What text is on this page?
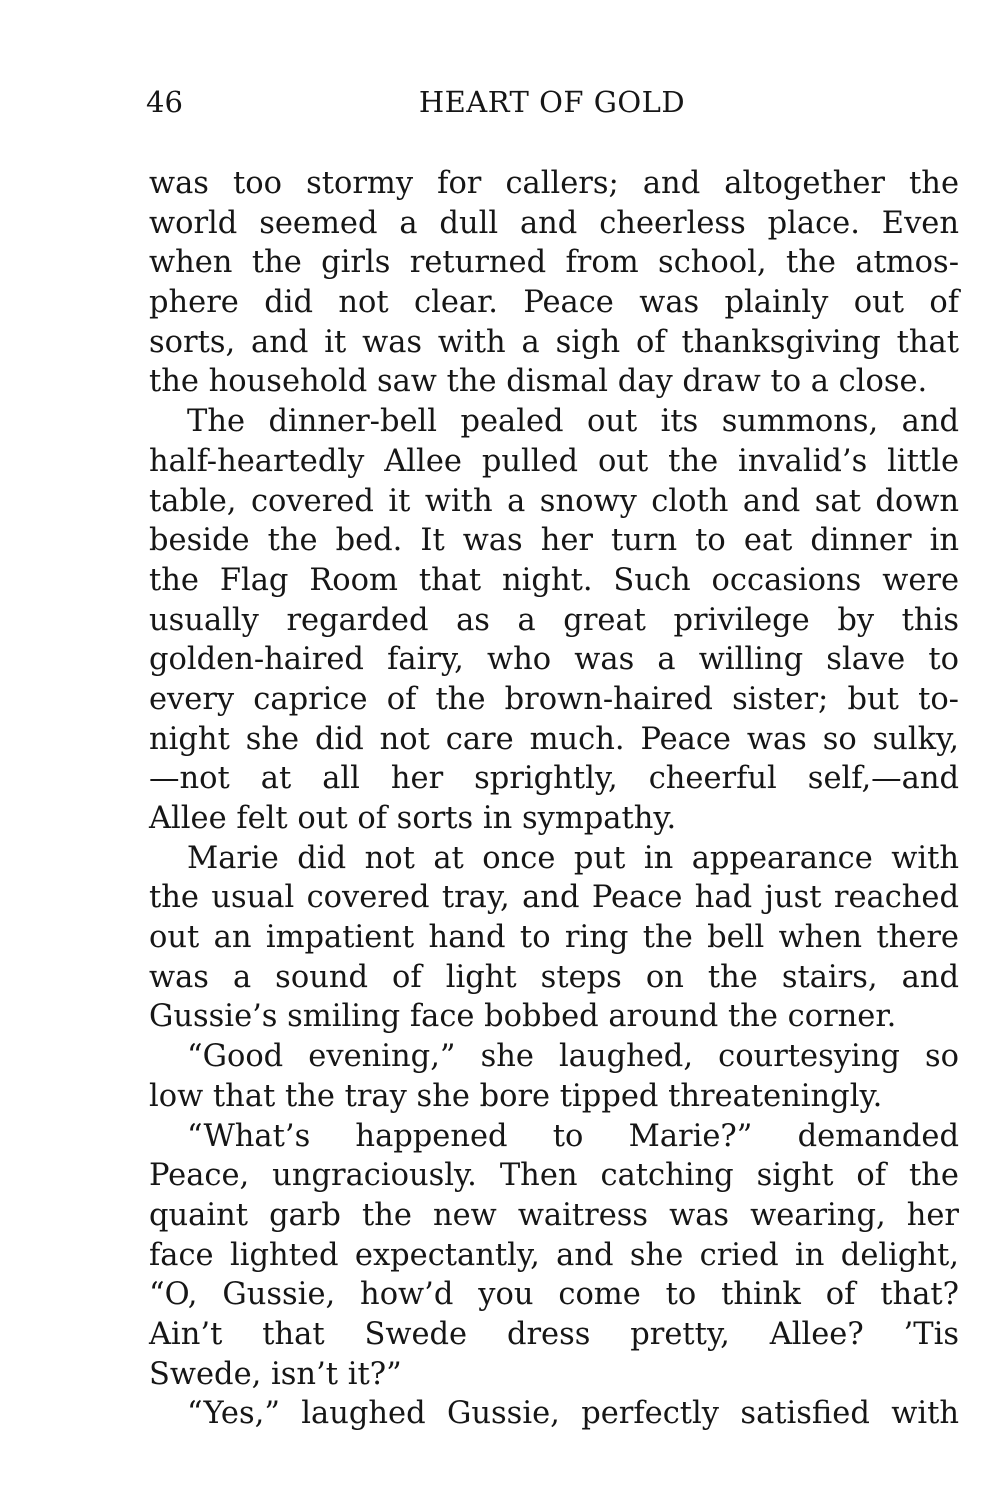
46	HEART OF GOLD
was too stormy for callers; and altogether the
world seemed a dull and cheerless place. Even
when the girls returned from school, the atmos-
phere did not clear. Peace was plainly out of
sorts, and it was with a sigh of thanksgiving that
the household saw the dismal day draw to a close.
The dinner-bell pealed out its summons, and
half-heartedly Allee pulled out the invalid’s little
table, covered it with a snowy cloth and sat down
beside the bed. It was her turn to eat dinner in
the Flag Room that night. Such occasions were
usually regarded as a great privilege by this
golden-haired fairy, who was a willing slave to
every caprice of the brown-haired sister; but to-
night she did not care much. Peace was so sulky,
—not at all her sprightly, cheerful self,—and
Allee felt out of sorts in sympathy.
Marie did not at once put in appearance with
the usual covered tray, and Peace had just reached
out an impatient hand to ring the bell when there
was a sound of light steps on the stairs, and
Gussie’s smiling face bobbed around the corner.
“Good evening,” she laughed, courtesying so
low that the tray she bore tipped threateningly.
“What’s happened to Marie?” demanded
Peace, ungraciously. Then catching sight of the
quaint garb the new waitress was wearing, her
face lighted expectantly, and she cried in delight,
“O, Gussie, how’d you come to think of that?
Ain’t that Swede dress pretty, Allee? ’Tis
Swede, isn’t it?”
“Yes,” laughed Gussie, perfectly satisfied with
